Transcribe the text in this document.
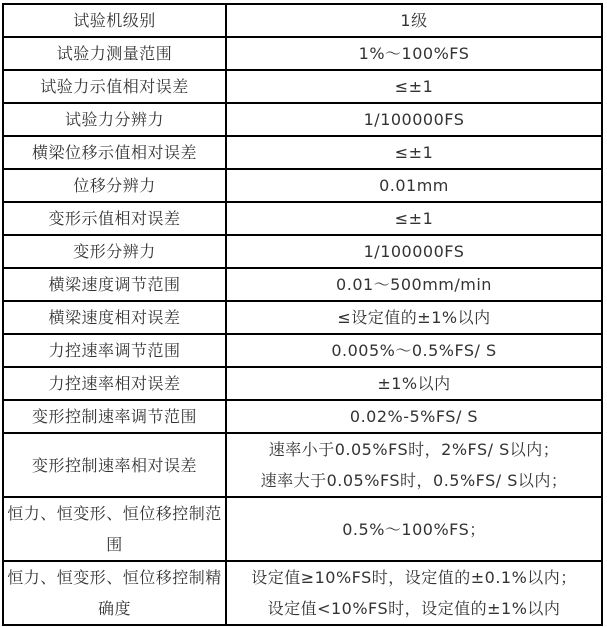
试验机级别	1级
试验力测量范围	1%～100%FS
试验力示值相对误差	≤±1
试验力分辨力	1/100000FS
横梁位移示值相对误差	≤±1
位移分辨力	0.01mm
变形示值相对误差	≤±1
变形分辨力	1/100000FS
横梁速度调节范围	0.01～500mm/min
横梁速度相对误差	≤设定值的±1%以内
力控速率调节范围	0.005%～0.5%FS/ S
力控速率相对误差	±1%以内
变形控制速率调节范围	0.02%-5%FS/ S
变形控制速率相对误差	速率小于0.05%FS时，2%FS/ S以内；
速率大于0.05%FS时，0.5%FS/ S以内；

恒力、恒变形、恒位移控制范围	0.5%～100%FS；
恒力、恒变形、恒位移控制精确度	设定值≥10%FS时，设定值的±0.1%以内；
设定值<10%FS时，设定值的±1%以内
